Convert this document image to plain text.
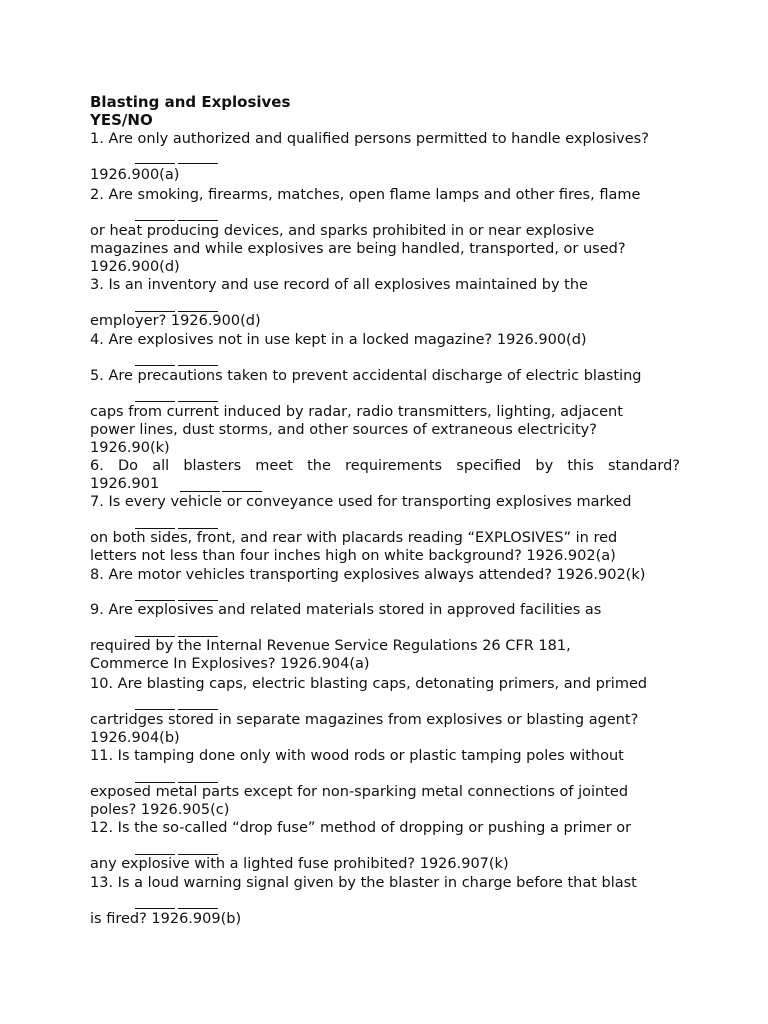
Blasting and Explosives
YES/NO
1. Are only authorized and qualified persons permitted to handle explosives?
1926.900(a)
2. Are smoking, firearms, matches, open flame lamps and other fires, flame
or heat producing devices, and sparks prohibited in or near explosive
magazines and while explosives are being handled, transported, or used?
1926.900(d)
3. Is an inventory and use record of all explosives maintained by the
employer? 1926.900(d)
4. Are explosives not in use kept in a locked magazine? 1926.900(d)
5. Are precautions taken to prevent accidental discharge of electric blasting
caps from current induced by radar, radio transmitters, lighting, adjacent
power lines, dust storms, and other sources of extraneous electricity?
1926.90(k)
6. Do all blasters meet the requirements specified by this standard?
1926.901
7. Is every vehicle or conveyance used for transporting explosives marked
on both sides, front, and rear with placards reading “EXPLOSIVES” in red
letters not less than four inches high on white background? 1926.902(a)
8. Are motor vehicles transporting explosives always attended? 1926.902(k)
9. Are explosives and related materials stored in approved facilities as
required by the Internal Revenue Service Regulations 26 CFR 181,
Commerce In Explosives? 1926.904(a)
10. Are blasting caps, electric blasting caps, detonating primers, and primed
cartridges stored in separate magazines from explosives or blasting agent?
1926.904(b)
11. Is tamping done only with wood rods or plastic tamping poles without
exposed metal parts except for non-sparking metal connections of jointed
poles? 1926.905(c)
12. Is the so-called “drop fuse” method of dropping or pushing a primer or
any explosive with a lighted fuse prohibited? 1926.907(k)
13. Is a loud warning signal given by the blaster in charge before that blast
is fired? 1926.909(b)
